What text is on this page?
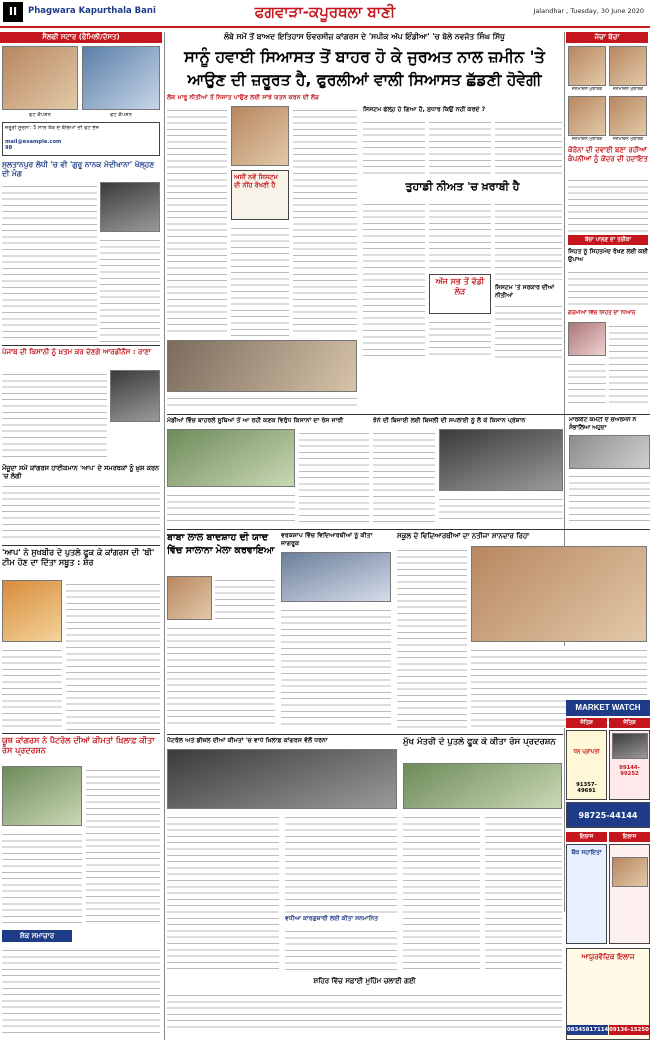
II	Phagwara Kapurthala Bani	ਫਗਵਾੜਾ-ਕਪੂਰਥਲਾ ਬਾਣੀ	Jalandhar , Tuesday, 30 June 2020
ਸੈਲਫੀ ਸਟਾਰ (ਫੈਮਿਲੀ/ਦੋਸਤ)
ਫੋਟੋ ਕੈਪਸ਼ਨ	ਫੋਟੋ ਕੈਪਸ਼ਨ
ਜ਼ਰੂਰੀ ਸੂਚਨਾ: 5 ਸਾਲ ਤੱਕ ਦੇ ਬੱਚਿਆਂ ਦੀ ਫੋਟੋ ਭੇਜੋ
mail@example.com
98
ਸੁਲਤਾਨਪੁਰ ਲੋਧੀ 'ਚ ਵੀ 'ਗੁਰੂ ਨਾਨਕ ਮੋਦੀਖਾਨਾ' ਖੋਲ੍ਹਣ ਦੀ ਮੰਗ
ਪੰਜਾਬ ਦੀ ਕਿਸਾਨੀ ਨੂੰ ਖ਼ਤਮ ਕਰ ਦੇਣਗੇ ਆਰਡੀਨੈਂਸ : ਰਾਣਾ
ਮੌਜੂਦਾ ਸਮੇਂ ਕਾਂਗਰਸ ਹਾਈਕਮਾਨ 'ਆਪ' ਦੇ ਸਮਰਥਕਾਂ ਨੂੰ ਖ਼ੁਸ਼ ਕਰਨ 'ਚ ਲੱਗੀ
'ਆਪ' ਨੇ ਸੁਖਬੀਰ ਦੇ ਪੁਤਲੇ ਫੂਕ ਕੇ ਕਾਂਗਰਸ ਦੀ 'ਬੀ' ਟੀਮ ਹੋਣ ਦਾ ਦਿੱਤਾ ਸਬੂਤ : ਸ਼ੇਰ
ਯੂਥ ਕਾਂਗਰਸ ਨੇ ਪੈਟਰੋਲ ਦੀਆਂ ਕੀਮਤਾਂ ਖ਼ਿਲਾਫ਼ ਕੀਤਾ ਰੋਸ ਪ੍ਰਦਰਸ਼ਨ
ਸ਼ੋਕ ਸਮਾਚਾਰ
ਲੰਬੇ ਸਮੇਂ ਤੋਂ ਬਾਅਦ ਇਤਿਹਾਸ ਓਵਰਸੀਜ਼ ਕਾਂਗਰਸ ਦੇ 'ਸਪੀਕ ਅੱਪ ਇੰਡੀਆ' 'ਚ ਬੋਲੇ ਨਵਜੋਤ ਸਿੰਘ ਸਿੱਧੂ
ਸਾਨੂੰ ਹਵਾਈ ਸਿਆਸਤ ਤੋਂ ਬਾਹਰ ਹੋ ਕੇ ਜੁਰਅਤ ਨਾਲ ਜ਼ਮੀਨ 'ਤੇ
ਆਉਣ ਦੀ ਜ਼ਰੂਰਤ ਹੈ, ਫੁਰਲੀਆਂ ਵਾਲੀ ਸਿਆਸਤ ਛੱਡਣੀ ਹੋਵੇਗੀ
ਲੋਕ ਮਾਰੂ ਨੀਤੀਆਂ ਤੋਂ ਨਿਜਾਤ ਪਾਉਣ ਲਈ ਸਾਂਝੇ ਯਤਨ ਕਰਨ ਦੀ ਲੋੜ
ਅਸੀਂ ਨਵੇਂ ਸਿਸਟਮ ਦੀ ਨੀਂਹ ਰੱਖਣੀ ਹੈ
ਸਿਸਟਮ ਫੇਲ੍ਹ ਹੋ ਗਿਆ ਹੈ, ਸੁਧਾਰ ਕਿਉਂ ਨਹੀਂ ਕਰਦੇ ?
ਤੁਹਾਡੀ ਨੀਅਤ 'ਚ ਖ਼ਰਾਬੀ ਹੈ
ਅੱਜ ਸਭ ਤੋਂ ਵੱਡੀ ਲੋੜ	ਸਿਸਟਮ 'ਤੇ ਸਰਕਾਰ ਦੀਆਂ ਨੀਤੀਆਂ
ਜੱਚਾ ਬੱਚਾ
ਜਨਮਦਿਨ ਮੁਬਾਰਕ	ਜਨਮਦਿਨ ਮੁਬਾਰਕ
ਜਨਮਦਿਨ ਮੁਬਾਰਕ	ਜਨਮਦਿਨ ਮੁਬਾਰਕ
ਕੋਰੋਨਾ ਦੀ ਦਵਾਈ ਬਣਾ ਰਹੀਆਂ ਕੰਪਨੀਆਂ ਨੂੰ ਕੇਂਦਰ ਦੀ ਹਦਾਇਤ
ਬੱਚਾ ਪਾਲਣ ਦਾ ਤਰੀਕਾ
ਸਿਹਤ ਨੂੰ ਸਿਹਤਮੰਦ ਰੱਖਣ ਲਈ ਕਈ ਉਪਾਅ
ਗਰਮੀਆਂ ਵਿੱਚ ਸਿਹਤ ਦਾ ਧਿਆਨ
ਮੰਡੀਆਂ ਵਿੱਚ ਬਾਹਰਲੇ ਸੂਬਿਆਂ ਤੋਂ ਆ ਰਹੀ ਕਣਕ ਵਿਰੁੱਧ ਕਿਸਾਨਾਂ ਦਾ ਰੋਸ ਜਾਰੀ	ਝੋਨੇ ਦੀ ਬਿਜਾਈ ਲਈ ਬਿਜਲੀ ਦੀ ਸਪਲਾਈ ਨੂੰ ਲੈ ਕੇ ਕਿਸਾਨ ਪ੍ਰੇਸ਼ਾਨ	ਮਾਰਕੀਟ ਕਮੇਟੀ ਦੇ ਚੇਅਰਮੈਨ ਨੇ ਸੰਭਾਲਿਆ ਅਹੁਦਾ
ਬਾਬਾ ਲਾਲ ਬਾਦਸ਼ਾਹ ਦੀ ਯਾਦ ਵਿੱਚ ਸਾਲਾਨਾ ਮੇਲਾ ਕਰਵਾਇਆ
ਵਰਕਸ਼ਾਪ ਵਿੱਚ ਵਿਦਿਆਰਥੀਆਂ ਨੂੰ ਕੀਤਾ ਜਾਗਰੂਕ
ਸਕੂਲ ਦੇ ਵਿਦਿਆਰਥੀਆਂ ਦਾ ਨਤੀਜਾ ਸ਼ਾਨਦਾਰ ਰਿਹਾ
ਪੈਟਰੋਲ ਅਤੇ ਡੀਜ਼ਲ ਦੀਆਂ ਕੀਮਤਾਂ 'ਚ ਵਾਧੇ ਖ਼ਿਲਾਫ਼ ਕਾਂਗਰਸ ਵੱਲੋਂ ਧਰਨਾ
ਵਧੀਆ ਕਾਰਗੁਜ਼ਾਰੀ ਲਈ ਕੀਤਾ ਸਨਮਾਨਿਤ
ਮੁੱਖ ਮੰਤਰੀ ਦੇ ਪੁਤਲੇ ਫੂਕ ਕੇ ਕੀਤਾ ਰੋਸ ਪ੍ਰਦਰਸ਼ਨ
ਸ਼ਹਿਰ ਵਿੱਚ ਸਫ਼ਾਈ ਮੁਹਿੰਮ ਚਲਾਈ ਗਈ
MARKET WATCH
ਜੋਤਿਸ਼	ਜੋਤਿਸ਼
ਧਨ ਪ੍ਰਾਪਤੀ
91357-49691
99144-99252
98725-44144
ਇਲਾਜ	ਇਲਾਜ
ਬੈਂਕ ਸਹਾਇਤਾ
ਆਯੁਰਵੈਦਿਕ ਇਲਾਜ
08345817114 09136-15250
